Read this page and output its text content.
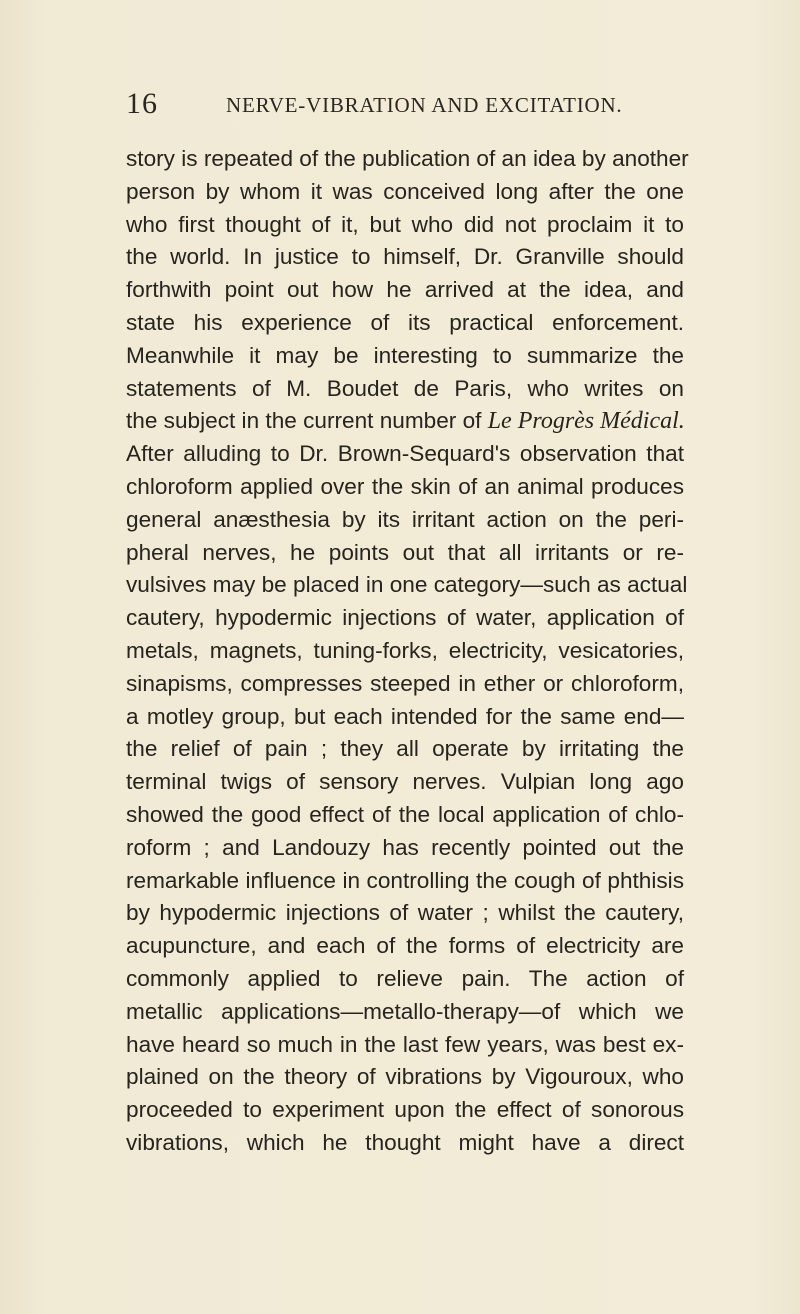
16	NERVE-VIBRATION AND EXCITATION.
story is repeated of the publication of an idea by another
person by whom it was conceived long after the one
who first thought of it, but who did not proclaim it to
the world. In justice to himself, Dr. Granville should
forthwith point out how he arrived at the idea, and
state his experience of its practical enforcement.
Meanwhile it may be interesting to summarize the
statements of M. Boudet de Paris, who writes on
the subject in the current number of Le Progrès Médical.
After alluding to Dr. Brown-Sequard's observation that
chloroform applied over the skin of an animal produces
general anæsthesia by its irritant action on the peri-
pheral nerves, he points out that all irritants or re-
vulsives may be placed in one category—such as actual
cautery, hypodermic injections of water, application of
metals, magnets, tuning-forks, electricity, vesicatories,
sinapisms, compresses steeped in ether or chloroform,
a motley group, but each intended for the same end—
the relief of pain ; they all operate by irritating the
terminal twigs of sensory nerves. Vulpian long ago
showed the good effect of the local application of chlo-
roform ; and Landouzy has recently pointed out the
remarkable influence in controlling the cough of phthisis
by hypodermic injections of water ; whilst the cautery,
acupuncture, and each of the forms of electricity are
commonly applied to relieve pain. The action of
metallic applications—metallo-therapy—of which we
have heard so much in the last few years, was best ex-
plained on the theory of vibrations by Vigouroux, who
proceeded to experiment upon the effect of sonorous
vibrations, which he thought might have a direct
